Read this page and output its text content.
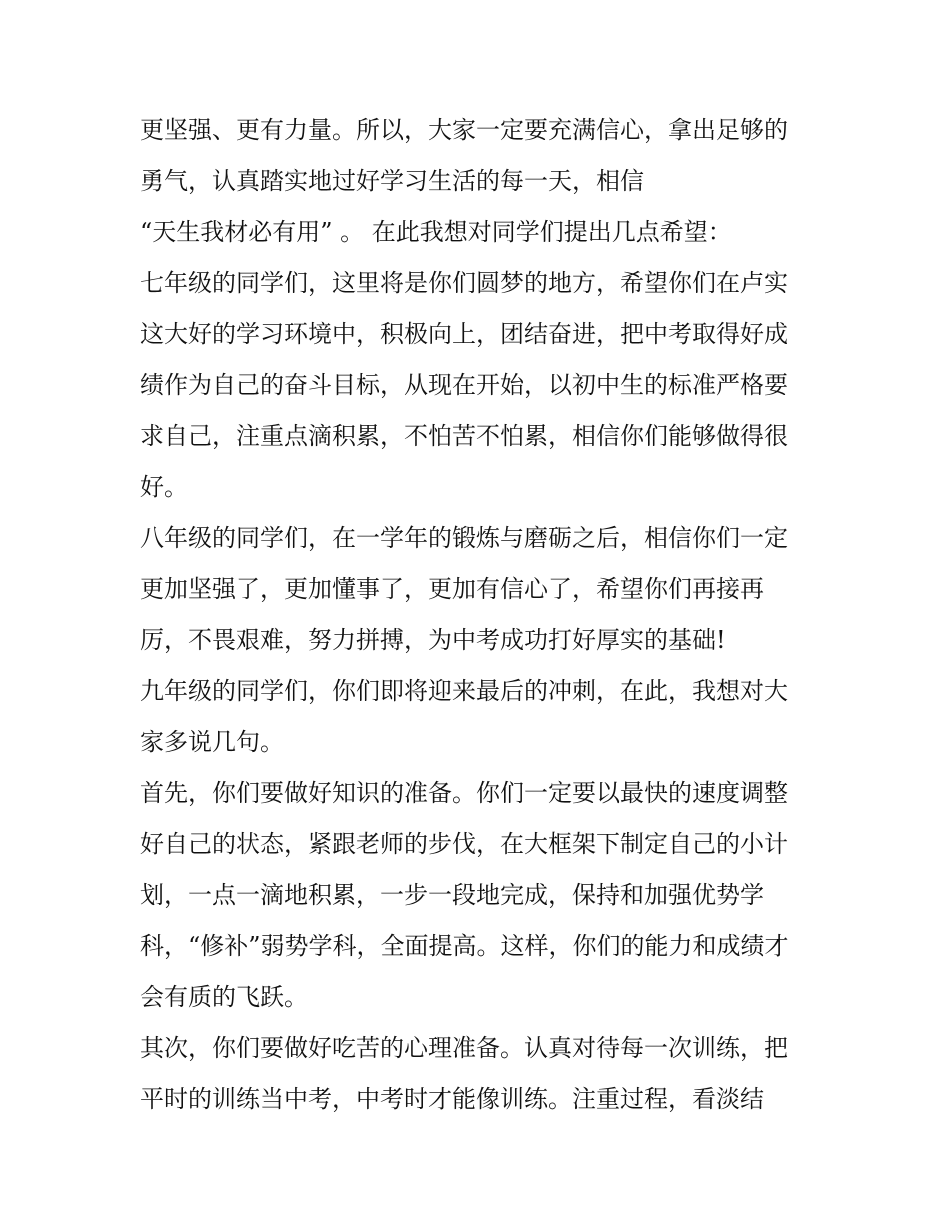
更坚强、更有力量。所以，大家一定要充满信心，拿出足够的
勇气，认真踏实地过好学习生活的每一天，相信
“天生我材必有用” 。 在此我想对同学们提出几点希望：
七年级的同学们，这里将是你们圆梦的地方，希望你们在卢实
这大好的学习环境中，积极向上，团结奋进，把中考取得好成
绩作为自己的奋斗目标，从现在开始，以初中生的标准严格要
求自己，注重点滴积累，不怕苦不怕累，相信你们能够做得很
好。
八年级的同学们，在一学年的锻炼与磨砺之后，相信你们一定
更加坚强了，更加懂事了，更加有信心了，希望你们再接再
厉，不畏艰难，努力拼搏，为中考成功打好厚实的基础!
九年级的同学们，你们即将迎来最后的冲刺，在此，我想对大
家多说几句。
首先，你们要做好知识的准备。你们一定要以最快的速度调整
好自己的状态，紧跟老师的步伐，在大框架下制定自己的小计
划，一点一滴地积累，一步一段地完成，保持和加强优势学
科，“修补”弱势学科，全面提高。这样，你们的能力和成绩才
会有质的飞跃。
其次，你们要做好吃苦的心理准备。认真对待每一次训练，把
平时的训练当中考，中考时才能像训练。注重过程，看淡结
